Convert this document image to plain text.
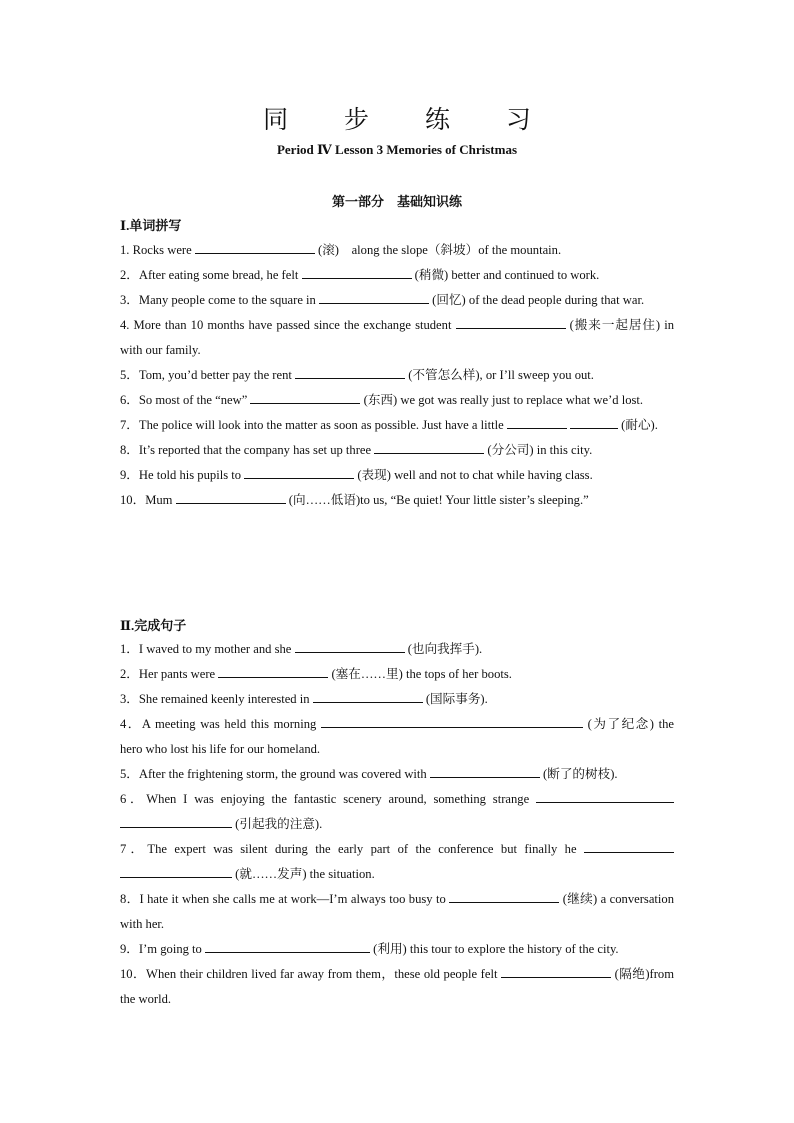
同 步 练 习
Period Ⅳ Lesson 3 Memories of Christmas
第一部分　基础知识练
Ⅰ.单词拼写

1. Rocks were	(滚)　along the slope（斜坡）of the mountain.

2．After eating some bread, he felt	(稍微) better and continued to work.

3．Many people come to the square in	(回忆) of the dead people during that war.

4. More than 10 months have passed since the exchange student	(搬来一起居住) in with our family.

5．Tom, you’d better pay the rent	(不管怎么样), or I’ll sweep you out.

6．So most of the “new”	(东西) we got was really just to replace what we’d lost.

7．The police will look into the matter as soon as possible. Just have a little	(耐心).

8．It’s reported that the company has set up three	(分公司) in this city.

9．He told his pupils to	(表现) well and not to chat while having class.

10．Mum	(向……低语)to us, “Be quiet! Your little sister’s sleeping.”

Ⅱ.完成句子

1．I waved to my mother and she	(也向我挥手).

2．Her pants were	(塞在……里) the tops of her boots.

3．She remained keenly interested in	(国际事务).

4．A meeting was held this morning	(为了纪念) the hero who lost his life for our homeland.

5．After the frightening storm, the ground was covered with	(断了的树枝).

6．When I was enjoying the fantastic scenery around, something strange   (引起我的注意).

7．The expert was silent during the early part of the conference but finally he   (就……发声) the situation.

8．I hate it when she calls me at work—I’m always too busy to	(继续) a conversation with her.

9．I’m going to	(利用) this tour to explore the history of the city.

10．When their children lived far away from them，these old people felt	(隔绝)from the world.
